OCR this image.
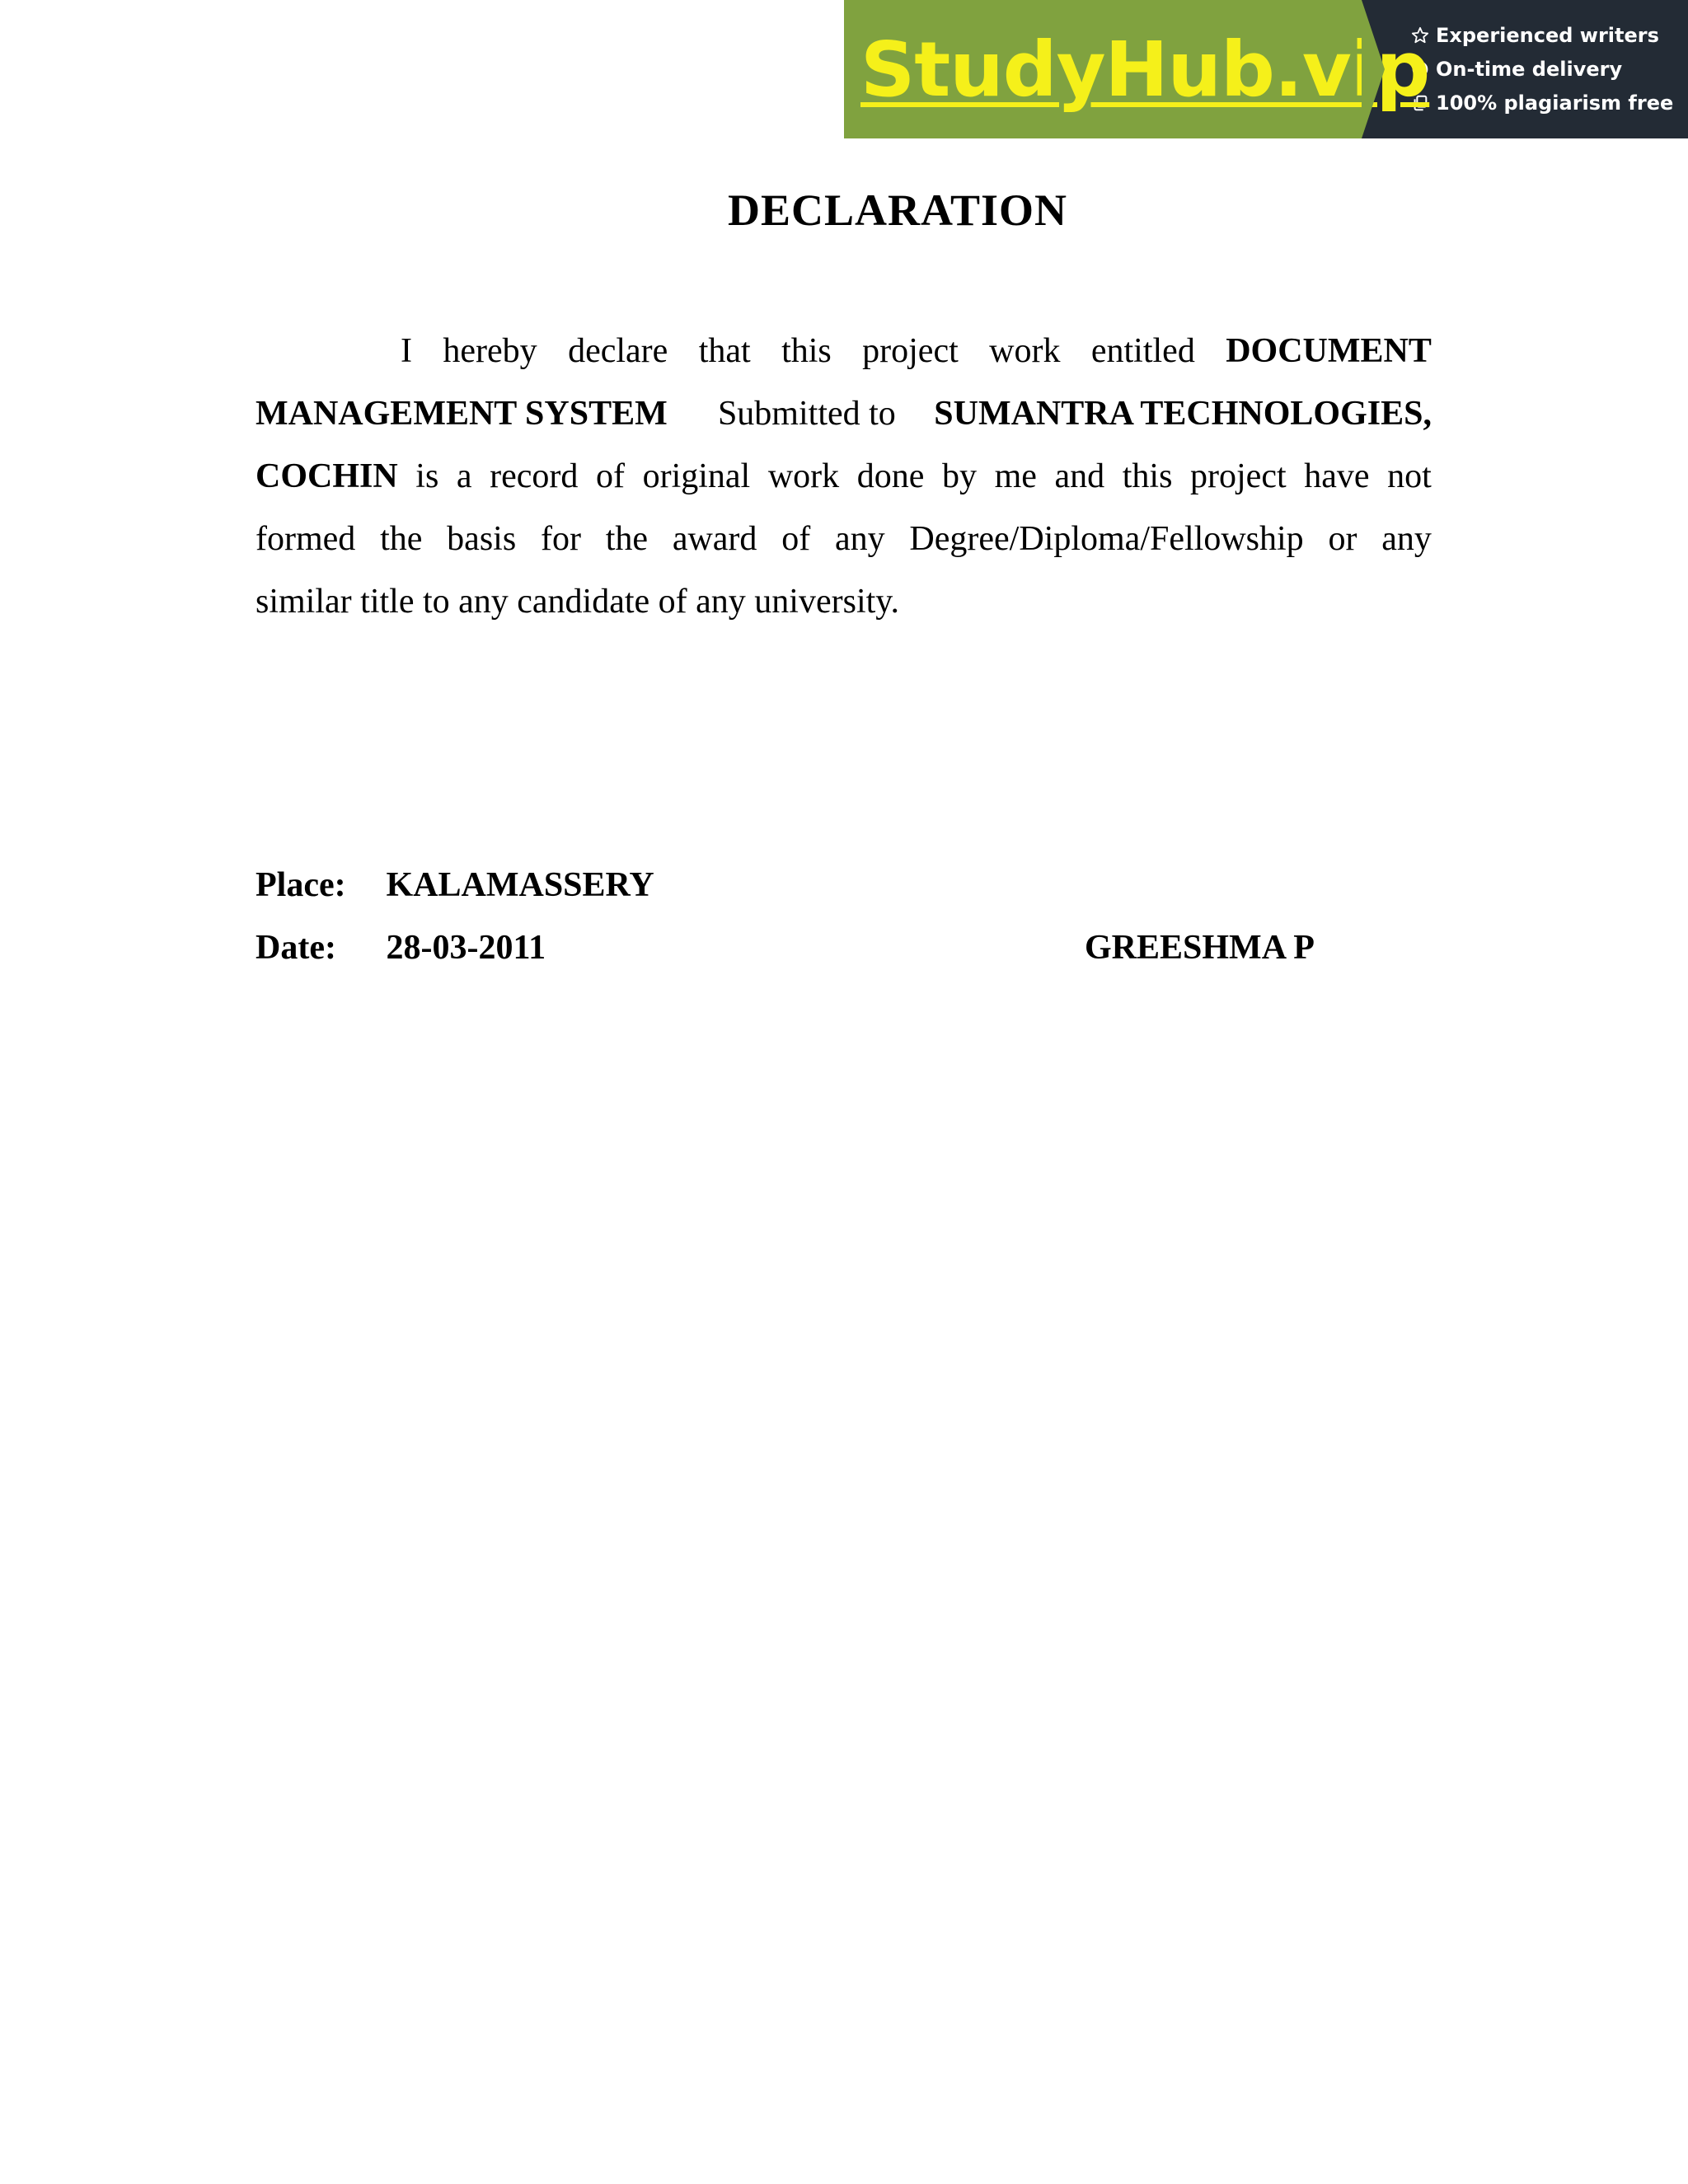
StudyHub.vip Experienced writers
On-time delivery
100% plagiarism free
DECLARATION
I hereby declare that this project work entitled DOCUMENT
MANAGEMENT SYSTEM Submitted to SUMANTRA TECHNOLOGIES,
COCHIN is a record of original work done by me and this project have not
formed the basis for the award of any Degree/Diploma/Fellowship or any
similar title to any candidate of any university.
Place: KALAMASSERY
Date: 28-03-2011	GREESHMA P
